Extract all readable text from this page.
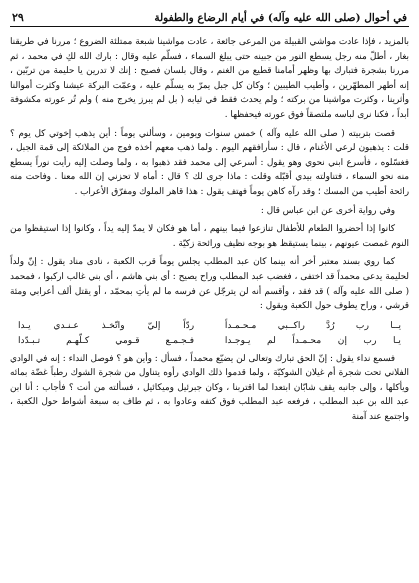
في أحوال (صلى الله عليه وآله) في أيام الرضاع والطفولة
٢٩

بالمزيد ، فإذا عادت مواشي القبيلة من المرعى جائعة ، عادت مواشينا شبعة ممتلئة الضروع ؛ مررنا في طريقنا بغار ، أطلّ منه رجل يسطع النور من جبينه حتى يبلغ السماء ، فسلّم عليه وقال : بارك الله لكِ في محمد ، ثم مررنا بشجرة فتبارك بها وظهر أمامنا قطيع من الغنم ، وقال بلسان فصيح : إنك لا تدرين يا حليمة من تربّين ، إنه أطهر المطهّرين ، وأطيب الطيبين ؛ وكان كل جبل يمرّ به يسلّم عليه ، وعمّت البركة عيشنا وكثرت أموالنا وأثرينا ، وكثرت مواشينا من بركته ؛ ولم يحدث فقط في ثيابه ( بل لم يبرز يخرج منه ) ولم تُر عورته مكشوفة أبداً ، فكنا نرى لباسه ملتصقاً فوق عورته فيحفظها .

قصت بتربيته ( صلى الله عليه وآله ) خمس سنوات ويومين ، وسألني يوماً : أين يذهب إخوتي كل يوم ؟ قلت : يذهبون لرعي الأغنام ، قال : سأرافقهم اليوم . ولما ذهب معهم أخذه فوج من الملائكة إلى قمة الجبل ، فغسّلوه ، فأسرع ابني نحوي وهو يقول : أسرعي إلى محمد فقد ذهبوا به ، ولما وصلت إليه رأيت نوراً يسطع منه نحو السماء ، فتناولته بيدي أقبّله وقلت : ماذا جرى لك ؟ قال : أماه لا تحزني إن الله معنا . وفاحت منه رائحة أطيب من المسك ؛ وقد رآه كاهن يوماً فهتف يقول : هذا قاهر الملوك ومفرّق الأعراب .

وفي رواية أخرى عن ابن عباس قال :

كانوا إذا أحضروا الطعام للأطفال تنازعوا فيما بينهم ، أما هو فكان لا يمدّ إليه يداً ، وكانوا إذا استيقظوا من النوم غمصت عيونهم ، بينما يستيقظ هو بوجه نظيف ورائحة زكيّة .

كما روي بسند معتبر أخر أنه بينما كان عبد المطلب يجلس يوماً قرب الكعبة ، نادى مناد يقول : إنّ ولداً لحليمة يدعى محمداً قد اختفى ، فغضب عبد المطلب وراح يصيح : أي بني هاشم ، أي بني غالب اركبوا ، فمحمد ( صلى الله عليه وآله ) قد فقد ، وأقسم أنه لن يترجّل عن فرسه ما لم يأتِ بمحمّد ، أو يقتل ألف أعرابي ومئة قرشي ، وراح يطوف حول الكعبة ويقول :

يــا رب رُدَّ راكــبي مـحـمـداً
ردّاً إليّ واتّخـذ عـنـدي يـدا
يـا رب إن محـمـداً لم يـوجـدا
فـجـمـع قـومي كـلّهـم تـبـدّدا

فسمع نداء يقول : إنّ الحق تبارك وتعالى لن يضيّع محمداً ، فسأل : وأين هو ؟ فوصل النداء : إنه في الوادي الفلاني تحت شجرة أم غيلان الشوكيّة ، ولما قدموا ذلك الوادي رأوه يتناول من شجرة الشوك رطباً غضّة بمائه ويأكلها ، وإلى جانبه يقف شابّان ابتعدا لما اقتربنا ، وكان جبرئيل وميكائيل ، فسألته من أنت ؟ فأجاب : أنا ابن عبد الله بن عبد المطلب ، فرفعه عبد المطلب فوق كتفه وعادوا به ، ثم طاف به سبعة أشواط حول الكعبة ، واجتمع عند آمنة
